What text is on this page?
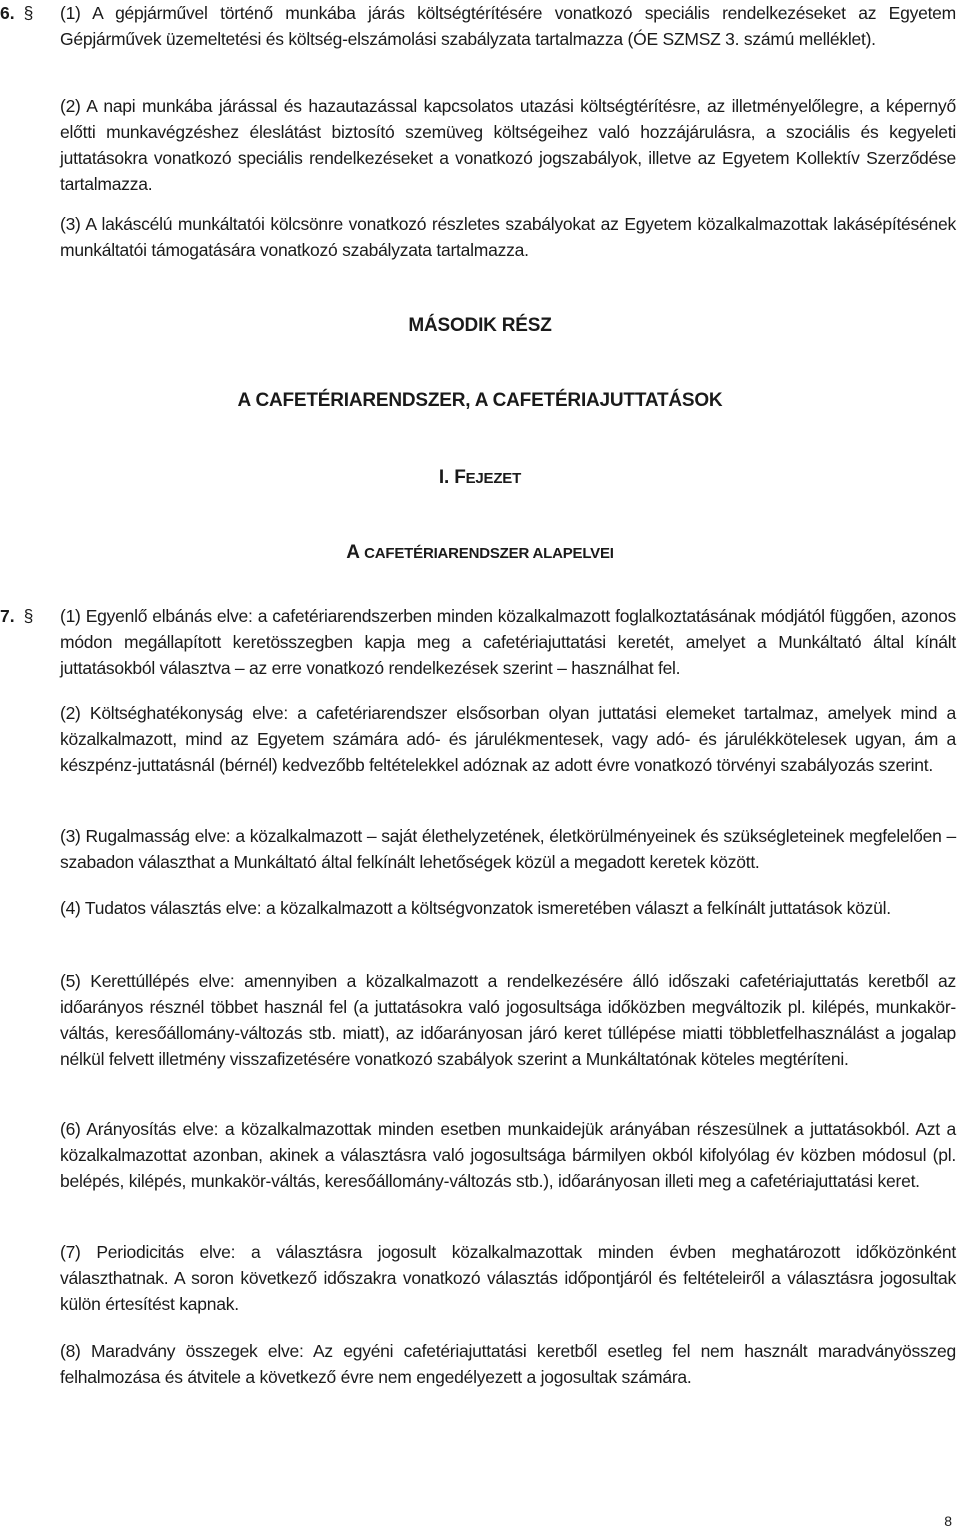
6. § (1) A gépjárművel történő munkába járás költségtérítésére vonatkozó speciális rendelkezéseket az Egyetem Gépjárművek üzemeltetési és költség-elszámolási szabályzata tartalmazza (ÓE SZMSZ 3. számú melléklet).

(2) A napi munkába járással és hazautazással kapcsolatos utazási költségtérítésre, az illetményelőlegre, a képernyő előtti munkavégzéshez éleslátást biztosító szemüveg költségeihez való hozzájárulásra, a szociális és kegyeleti juttatásokra vonatkozó speciális rendelkezéseket a vonatkozó jogszabályok, illetve az Egyetem Kollektív Szerződése tartalmazza.

(3) A lakáscélú munkáltatói kölcsönre vonatkozó részletes szabályokat az Egyetem közalkalmazottak lakásépítésének munkáltatói támogatására vonatkozó szabályzata tartalmazza.

MÁSODIK RÉSZ
A CAFETÉRIARENDSZER, A CAFETÉRIAJUTTATÁSOK
I. FEJEZET
A CAFETÉRIARENDSZER ALAPELVEI
7. § (1) Egyenlő elbánás elve: a cafetériarendszerben minden közalkalmazott foglalkoztatásának módjától függően, azonos módon megállapított keretösszegben kapja meg a cafetériajuttatási keretét, amelyet a Munkáltató által kínált juttatásokból választva – az erre vonatkozó rendelkezések szerint – használhat fel.

(2) Költséghatékonyság elve: a cafetériarendszer elsősorban olyan juttatási elemeket tartalmaz, amelyek mind a közalkalmazott, mind az Egyetem számára adó- és járulékmentesek, vagy adó- és járulékkötelesek ugyan, ám a készpénz-juttatásnál (bérnél) kedvezőbb feltételekkel adóznak az adott évre vonatkozó törvényi szabályozás szerint.

(3) Rugalmasság elve: a közalkalmazott – saját élethelyzetének, életkörülményeinek és szükségleteinek megfelelően – szabadon választhat a Munkáltató által felkínált lehetőségek közül a megadott keretek között.

(4) Tudatos választás elve: a közalkalmazott a költségvonzatok ismeretében választ a felkínált juttatások közül.

(5) Kerettúllépés elve: amennyiben a közalkalmazott a rendelkezésére álló időszaki cafetériajuttatás keretből az időarányos résznél többet használ fel (a juttatásokra való jogosultsága időközben megváltozik pl. kilépés, munkakör-váltás, keresőállomány-változás stb. miatt), az időarányosan járó keret túllépése miatti többletfelhasználást a jogalap nélkül felvett illetmény visszafizetésére vonatkozó szabályok szerint a Munkáltatónak köteles megtéríteni.

(6) Arányosítás elve: a közalkalmazottak minden esetben munkaidejük arányában részesülnek a juttatásokból. Azt a közalkalmazottat azonban, akinek a választásra való jogosultsága bármilyen okból kifolyólag év közben módosul (pl. belépés, kilépés, munkakör-váltás, keresőállomány-változás stb.), időarányosan illeti meg a cafetériajuttatási keret.

(7) Periodicitás elve: a választásra jogosult közalkalmazottak minden évben meghatározott időközönként választhatnak. A soron következő időszakra vonatkozó választás időpontjáról és feltételeiről a választásra jogosultak külön értesítést kapnak.

(8) Maradvány összegek elve: Az egyéni cafetériajuttatási keretből esetleg fel nem használt maradványösszeg felhalmozása és átvitele a következő évre nem engedélyezett a jogosultak számára.

8
